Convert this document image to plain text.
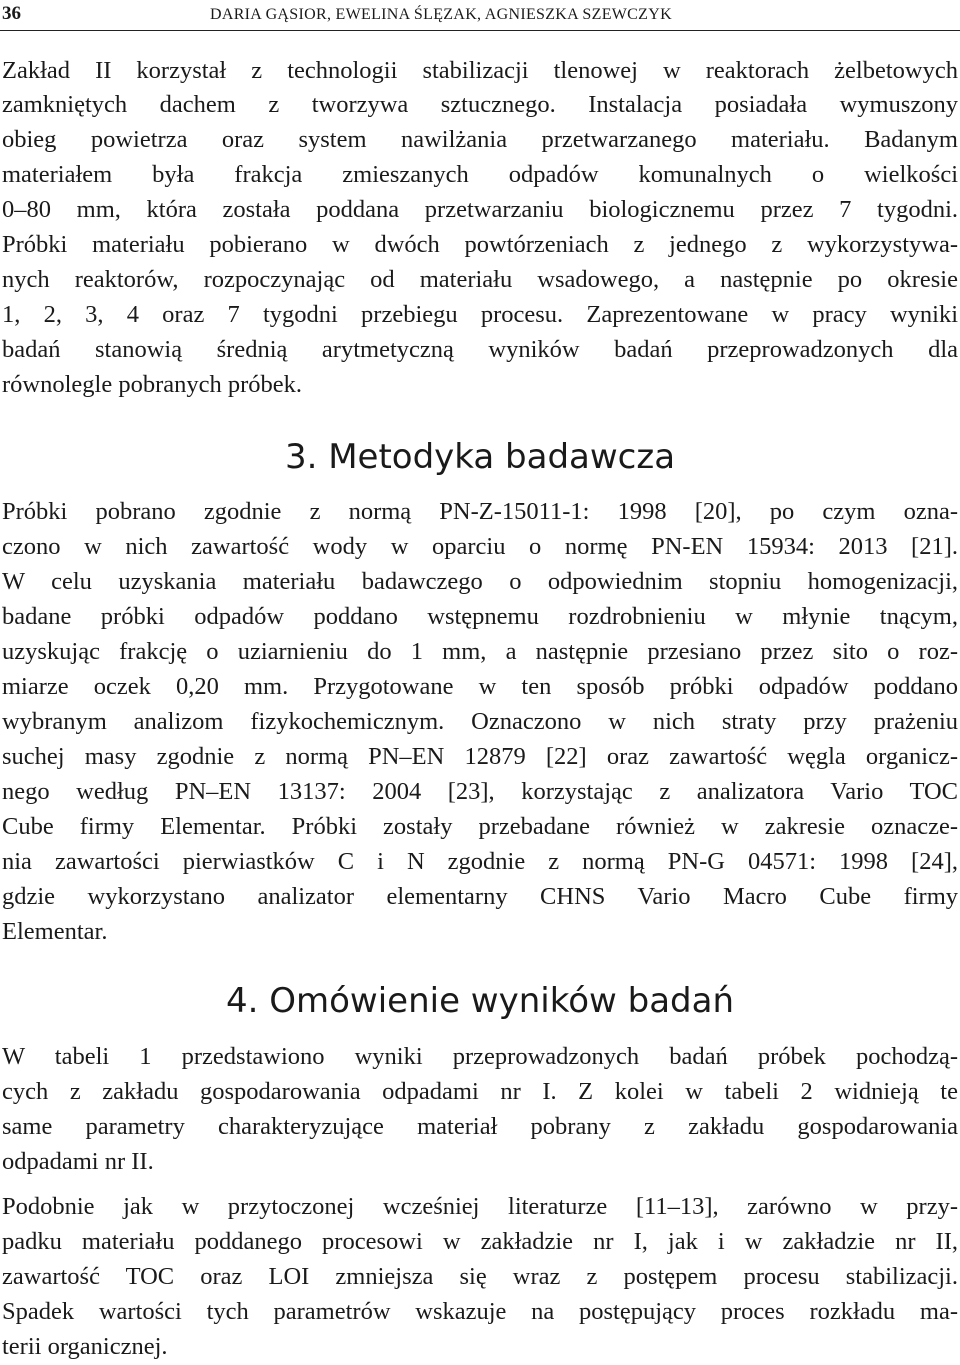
36	DARIA GĄSIOR, EWELINA ŚLĘZAK, AGNIESZKA SZEWCZYK
Zakład II korzystał z technologii stabilizacji tlenowej w reaktorach żelbetowych
zamkniętych dachem z tworzywa sztucznego. Instalacja posiadała wymuszony
obieg powietrza oraz system nawilżania przetwarzanego materiału. Badanym
materiałem była frakcja zmieszanych odpadów komunalnych o wielkości
0–80 mm, która została poddana przetwarzaniu biologicznemu przez 7 tygodni.
Próbki materiału pobierano w dwóch powtórzeniach z jednego z wykorzystywa-
nych reaktorów, rozpoczynając od materiału wsadowego, a następnie po okresie
1, 2, 3, 4 oraz 7 tygodni przebiegu procesu. Zaprezentowane w pracy wyniki
badań stanowią średnią arytmetyczną wyników badań przeprowadzonych dla
równolegle pobranych próbek.
3. Metodyka badawcza
Próbki pobrano zgodnie z normą PN-Z-15011-1: 1998 [20], po czym ozna-
czono w nich zawartość wody w oparciu o normę PN-EN 15934: 2013 [21].
W celu uzyskania materiału badawczego o odpowiednim stopniu homogenizacji,
badane próbki odpadów poddano wstępnemu rozdrobnieniu w młynie tnącym,
uzyskując frakcję o uziarnieniu do 1 mm, a następnie przesiano przez sito o roz-
miarze oczek 0,20 mm. Przygotowane w ten sposób próbki odpadów poddano
wybranym analizom fizykochemicznym. Oznaczono w nich straty przy prażeniu
suchej masy zgodnie z normą PN–EN 12879 [22] oraz zawartość węgla organicz-
nego według PN–EN 13137: 2004 [23], korzystając z analizatora Vario TOC
Cube firmy Elementar. Próbki zostały przebadane również w zakresie oznacze-
nia zawartości pierwiastków C i N zgodnie z normą PN-G 04571: 1998 [24],
gdzie wykorzystano analizator elementarny CHNS Vario Macro Cube firmy
Elementar.
4. Omówienie wyników badań
W tabeli 1 przedstawiono wyniki przeprowadzonych badań próbek pochodzą-
cych z zakładu gospodarowania odpadami nr I. Z kolei w tabeli 2 widnieją te
same parametry charakteryzujące materiał pobrany z zakładu gospodarowania
odpadami nr II.
Podobnie jak w przytoczonej wcześniej literaturze [11–13], zarówno w przy-
padku materiału poddanego procesowi w zakładzie nr I, jak i w zakładzie nr II,
zawartość TOC oraz LOI zmniejsza się wraz z postępem procesu stabilizacji.
Spadek wartości tych parametrów wskazuje na postępujący proces rozkładu ma-
terii organicznej.
